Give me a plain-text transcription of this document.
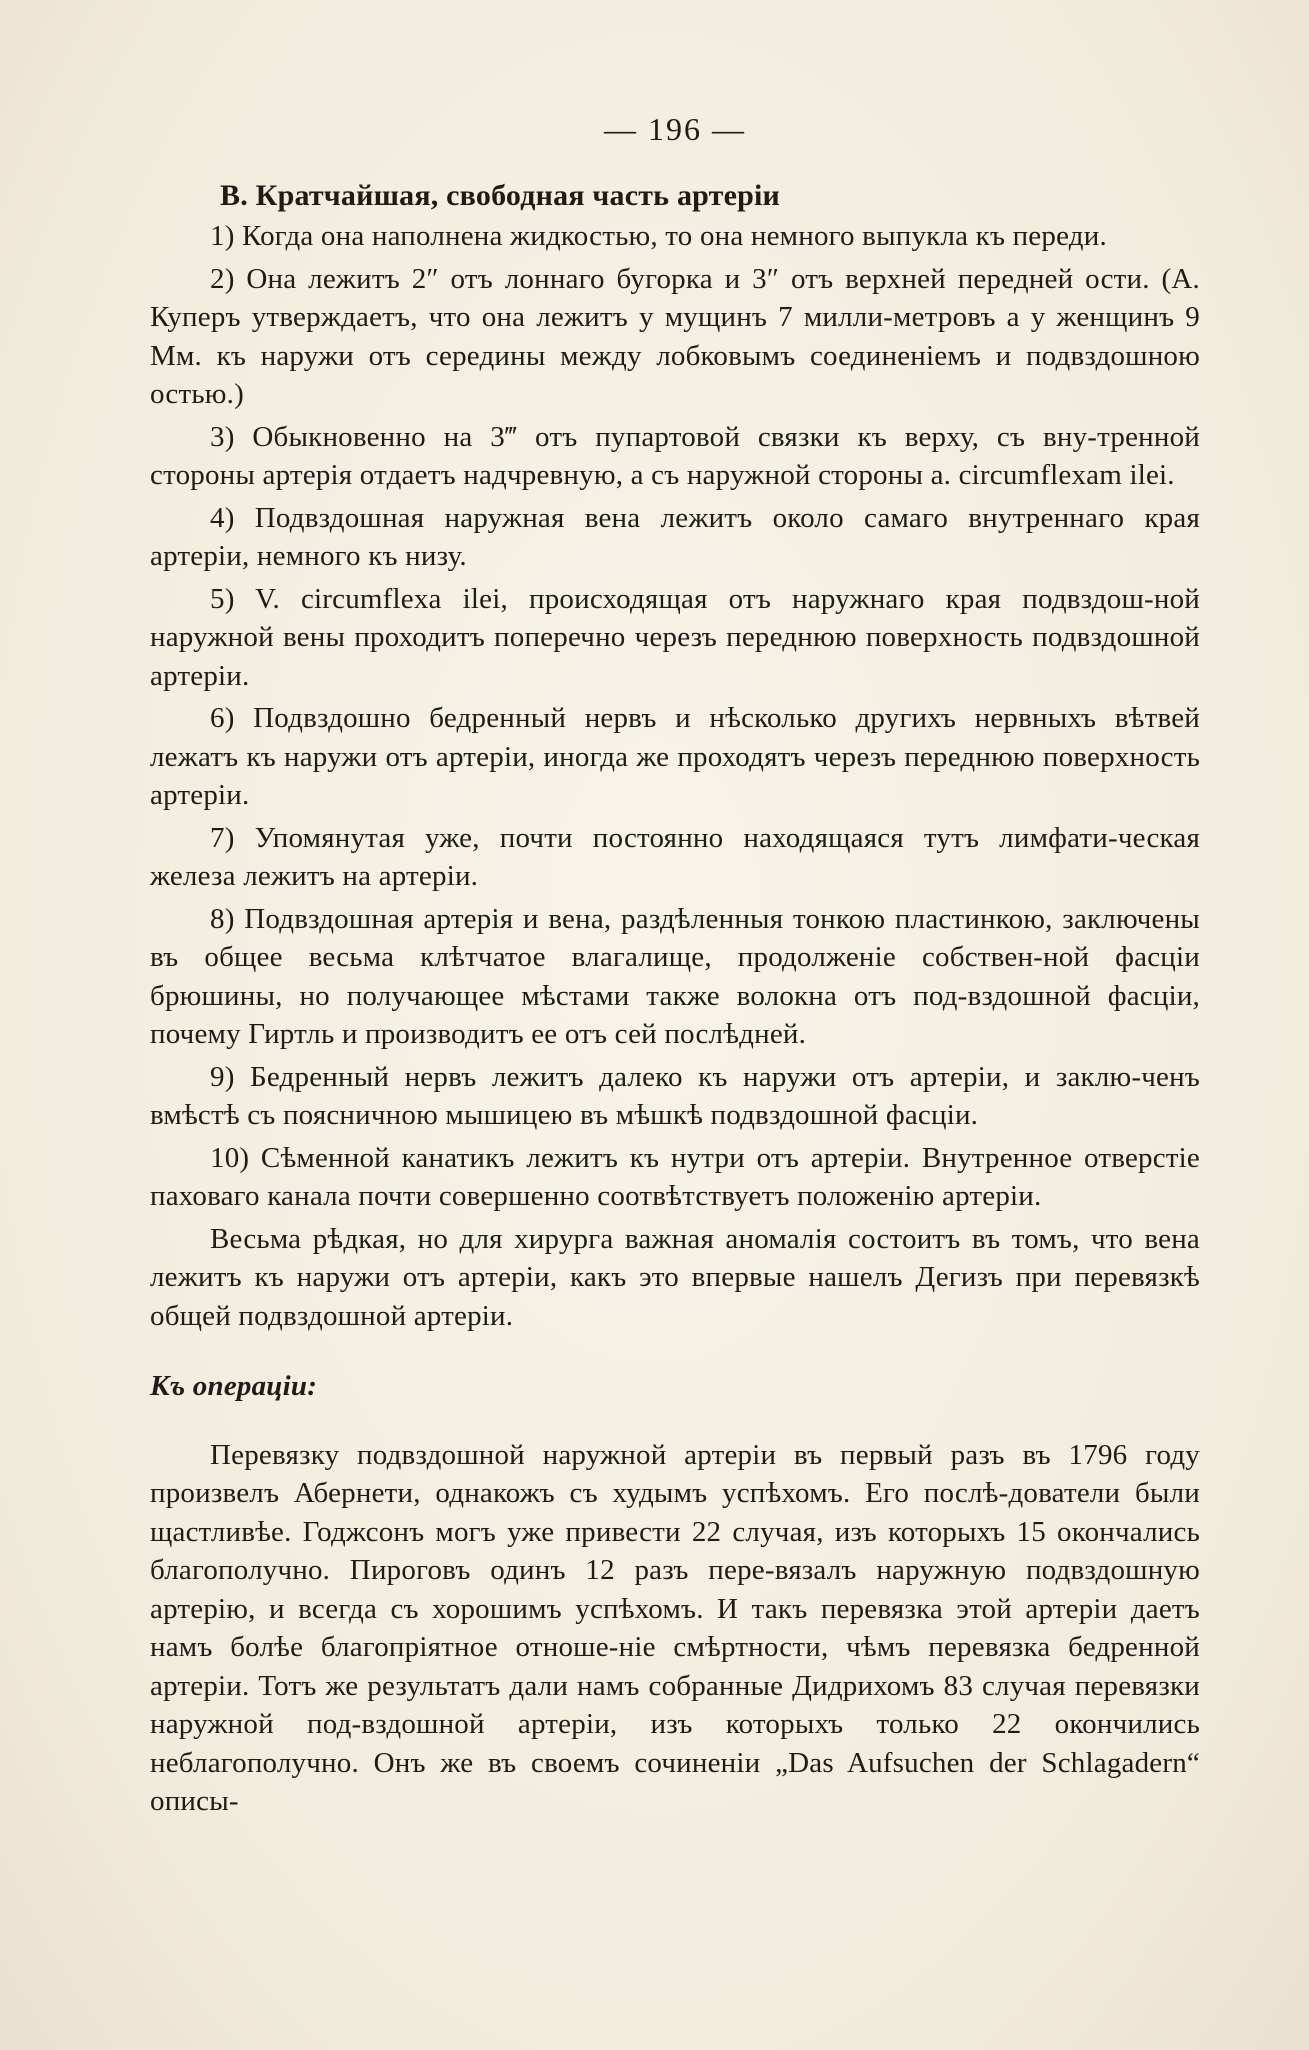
— 196 —
B. Кратчайшая, свободная часть артеріи

1) Когда она наполнена жидкостью, то она немного выпукла къ переди.

2) Она лежитъ 2″ отъ лоннаго бугорка и 3″ отъ верхней передней ости. (А. Куперъ утверждаетъ, что она лежитъ у мущинъ 7 милли-метровъ а у женщинъ 9 Мм. къ наружи отъ середины между лобковымъ соединеніемъ и подвздошною остью.)

3) Обыкновенно на 3‴ отъ пупартовой связки къ верху, съ вну-тренной стороны артерія отдаетъ надчревную, а съ наружной стороны а. circumflexam ilei.

4) Подвздошная наружная вена лежитъ около самаго внутреннаго края артеріи, немного къ низу.

5) V. circumflexa ilei, происходящая отъ наружнаго края подвздош-ной наружной вены проходитъ поперечно черезъ переднюю поверхность подвздошной артеріи.

6) Подвздошно бедренный нервъ и нѣсколько другихъ нервныхъ вѣтвей лежатъ къ наружи отъ артеріи, иногда же проходятъ черезъ переднюю поверхность артеріи.

7) Упомянутая уже, почти постоянно находящаяся тутъ лимфати-ческая железа лежитъ на артеріи.

8) Подвздошная артерія и вена, раздѣленныя тонкою пластинкою, заключены въ общее весьма клѣтчатое влагалище, продолженіе собствен-ной фасціи брюшины, но получающее мѣстами также волокна отъ под-вздошной фасціи, почему Гиртль и производитъ ее отъ сей послѣдней.

9) Бедренный нервъ лежитъ далеко къ наружи отъ артеріи, и заклю-ченъ вмѣстѣ съ поясничною мышицею въ мѣшкѣ подвздошной фасціи.

10) Сѣменной канатикъ лежитъ къ нутри отъ артеріи. Внутренное отверстіе паховаго канала почти совершенно соотвѣтствуетъ положенію артеріи.

Весьма рѣдкая, но для хирурга важная аномалія состоитъ въ томъ, что вена лежитъ къ наружи отъ артеріи, какъ это впервые нашелъ Дегизъ при перевязкѣ общей подвздошной артеріи.

Къ операціи:

Перевязку подвздошной наружной артеріи въ первый разъ въ 1796 году произвелъ Абернети, однакожъ съ худымъ успѣхомъ. Его послѣ-дователи были щастливѣе. Годжсонъ могъ уже привести 22 случая, изъ которыхъ 15 окончались благополучно. Пироговъ одинъ 12 разъ пере-вязалъ наружную подвздошную артерію, и всегда съ хорошимъ успѣхомъ. И такъ перевязка этой артеріи даетъ намъ болѣе благопріятное отноше-ніе смѣртности, чѣмъ перевязка бедренной артеріи. Тотъ же результатъ дали намъ собранные Дидрихомъ 83 случая перевязки наружной под-вздошной артеріи, изъ которыхъ только 22 окончились неблагополучно. Онъ же въ своемъ сочиненіи „Das Aufsuchen der Schlagadern“ описы-
